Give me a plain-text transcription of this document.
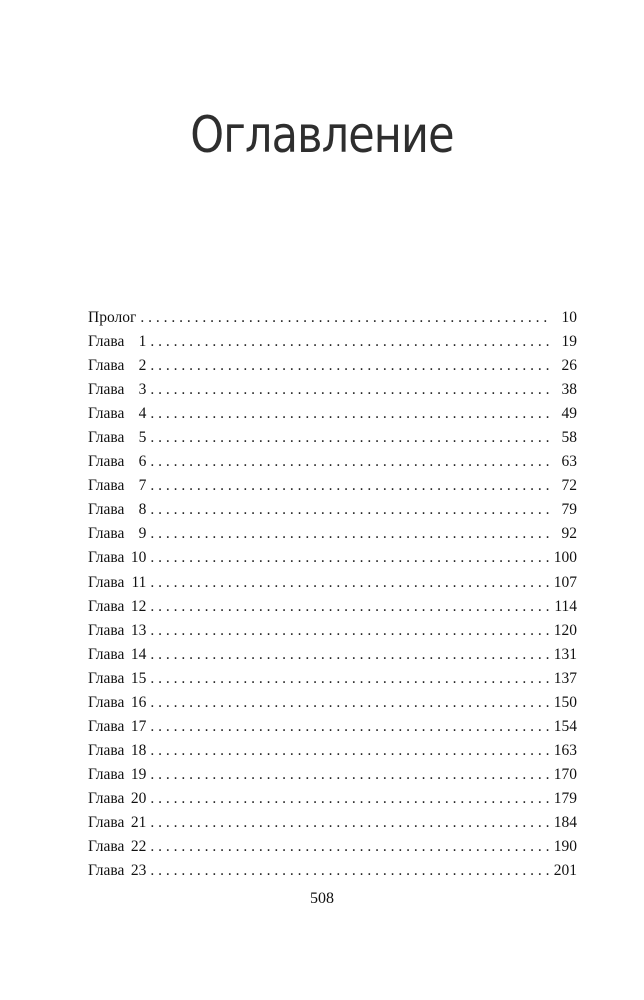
Оглавление
Пролог . . .	10
Глава 1 . . .	19
Глава 2 . . .	26
Глава 3 . . .	38
Глава 4 . . .	49
Глава 5 . . .	58
Глава 6 . . .	63
Глава 7 . . .	72
Глава 8 . . .	79
Глава 9 . . .	92
Глава 10 . . .	100
Глава 11 . . .	107
Глава 12 . . .	114
Глава 13 . . .	120
Глава 14 . . .	131
Глава 15 . . .	137
Глава 16 . . .	150
Глава 17 . . .	154
Глава 18 . . .	163
Глава 19 . . .	170
Глава 20 . . .	179
Глава 21 . . .	184
Глава 22 . . .	190
Глава 23 . . .	201
508
